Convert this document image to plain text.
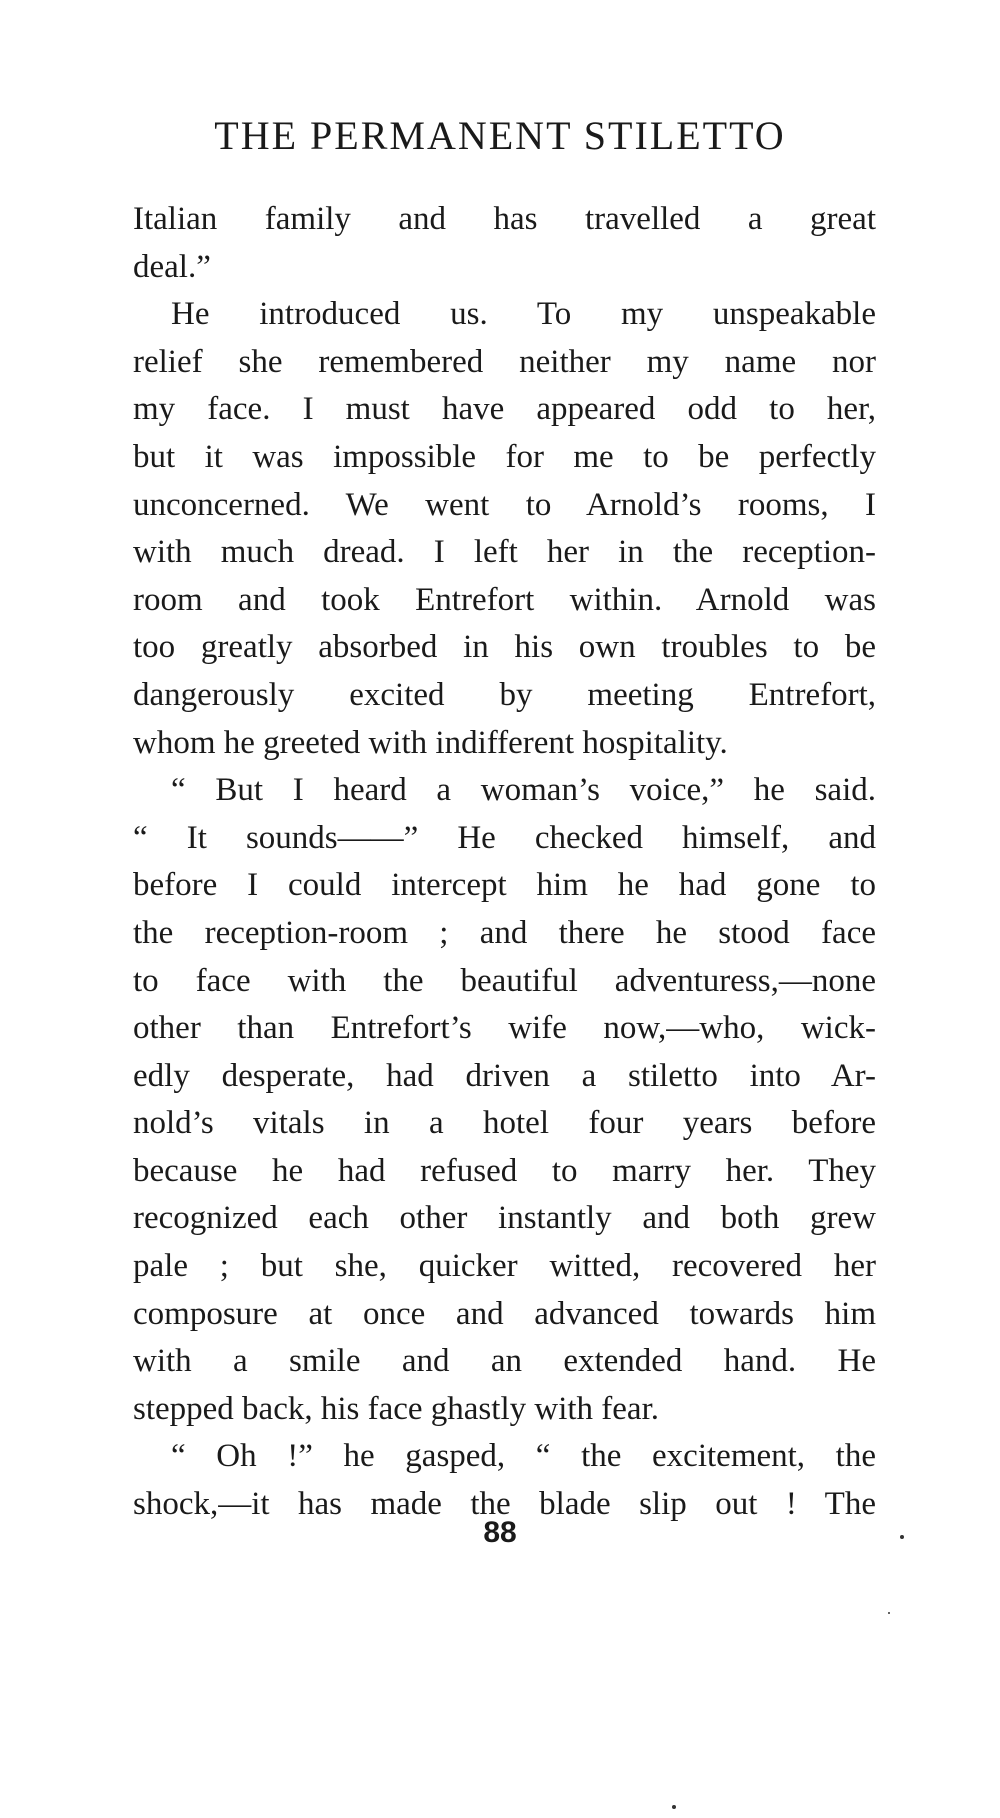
THE PERMANENT STILETTO

Italian family and has travelled a great
deal.”

He introduced us. To my unspeakable
relief she remembered neither my name nor
my face. I must have appeared odd to her,
but it was impossible for me to be perfectly
unconcerned. We went to Arnold’s rooms, I
with much dread. I left her in the reception-
room and took Entrefort within. Arnold was
too greatly absorbed in his own troubles to be
dangerously excited by meeting Entrefort,
whom he greeted with indifferent hospitality.

“ But I heard a woman’s voice,” he said.
“ It sounds——” He checked himself, and
before I could intercept him he had gone to
the reception-room ; and there he stood face
to face with the beautiful adventuress,—none
other than Entrefort’s wife now,—who, wick-
edly desperate, had driven a stiletto into Ar-
nold’s vitals in a hotel four years before
because he had refused to marry her. They
recognized each other instantly and both grew
pale ; but she, quicker witted, recovered her
composure at once and advanced towards him
with a smile and an extended hand. He
stepped back, his face ghastly with fear.

“ Oh !” he gasped, “ the excitement, the
shock,—it has made the blade slip out ! The

88
